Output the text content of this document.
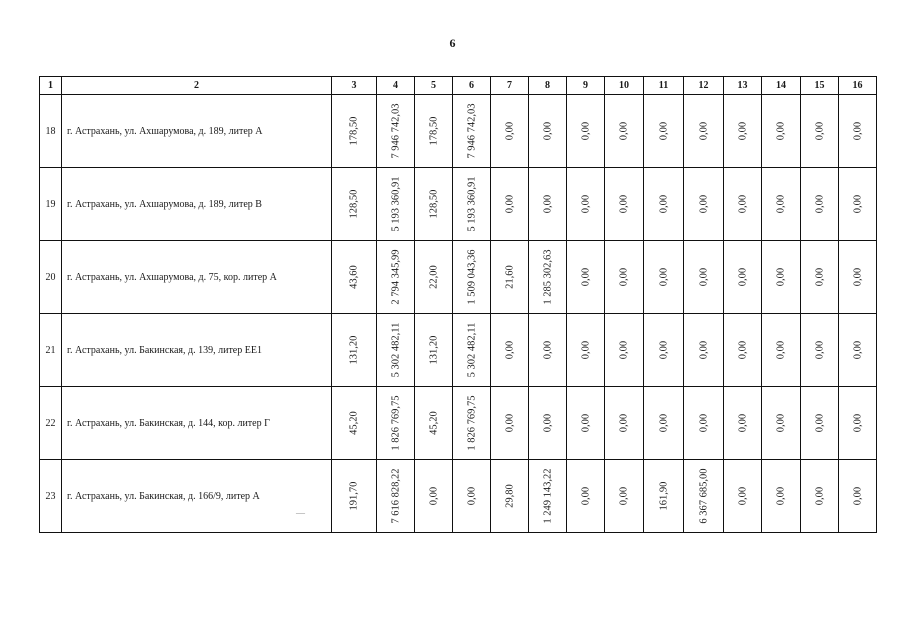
6
1	2	3	4	5	6	7	8	9	10	11	12	13	14	15	16
18	г. Астрахань, ул. Ахшарумова, д. 189, литер А	178,50	7 946 742,03	178,50	7 946 742,03	0,00	0,00	0,00	0,00	0,00	0,00	0,00	0,00	0,00	0,00

19	г. Астрахань, ул. Ахшарумова, д. 189, литер В	128,50	5 193 360,91	128,50	5 193 360,91	0,00	0,00	0,00	0,00	0,00	0,00	0,00	0,00	0,00	0,00

20	г. Астрахань, ул. Ахшарумова, д. 75, кор. литер А	43,60	2 794 345,99	22,00	1 509 043,36	21,60	1 285 302,63	0,00	0,00	0,00	0,00	0,00	0,00	0,00	0,00

21	г. Астрахань, ул. Бакинская, д. 139, литер ЕЕ1	131,20	5 302 482,11	131,20	5 302 482,11	0,00	0,00	0,00	0,00	0,00	0,00	0,00	0,00	0,00	0,00

22	г. Астрахань, ул. Бакинская, д. 144, кор. литер Г	45,20	1 826 769,75	45,20	1 826 769,75	0,00	0,00	0,00	0,00	0,00	0,00	0,00	0,00	0,00	0,00

23	г. Астрахань, ул. Бакинская, д. 166/9, литер А	191,70	7 616 828,22	0,00	0,00	29,80	1 249 143,22	0,00	0,00	161,90	6 367 685,00	0,00	0,00	0,00	0,00
—
